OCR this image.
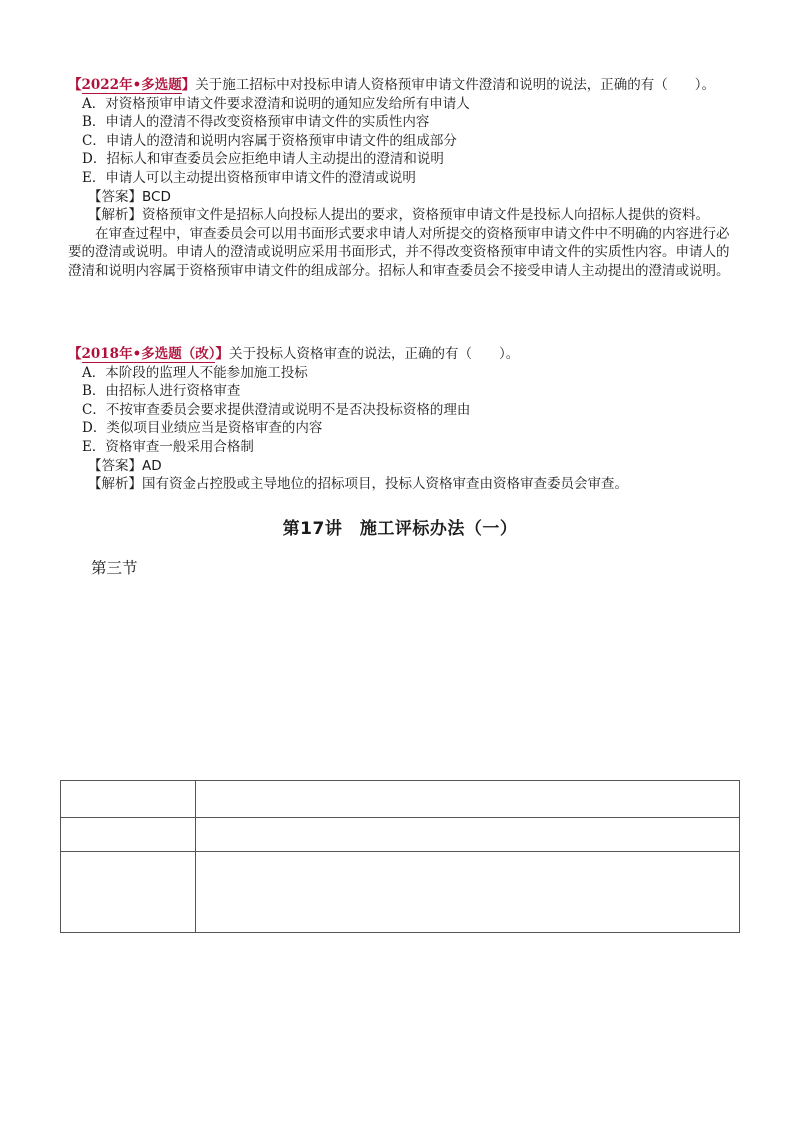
【2022年•多选题】关于施工招标中对投标申请人资格预审申请文件澄清和说明的说法，正确的有（　　）。
A．对资格预审申请文件要求澄清和说明的通知应发给所有申请人
B．申请人的澄清不得改变资格预审申请文件的实质性内容
C．申请人的澄清和说明内容属于资格预审申请文件的组成部分
D．招标人和审查委员会应拒绝申请人主动提出的澄清和说明
E．申请人可以主动提出资格预审申请文件的澄清或说明
【答案】BCD
【解析】资格预审文件是招标人向投标人提出的要求，资格预审申请文件是投标人向招标人提供的资料。
在审查过程中，审查委员会可以用书面形式要求申请人对所提交的资格预审申请文件中不明确的内容进行必要的澄清或说明。申请人的澄清或说明应采用书面形式，并不得改变资格预审申请文件的实质性内容。申请人的澄清和说明内容属于资格预审申请文件的组成部分。招标人和审查委员会不接受申请人主动提出的澄清或说明。
【2018年•多选题（改）】关于投标人资格审查的说法，正确的有（　　）。
A．本阶段的监理人不能参加施工投标
B．由招标人进行资格审查
C．不按审查委员会要求提供澄清或说明不是否决投标资格的理由
D．类似项目业绩应当是资格审查的内容
E．资格审查一般采用合格制
【答案】AD
【解析】国有资金占控股或主导地位的招标项目，投标人资格审查由资格审查委员会审查。
第17讲　施工评标办法（一）
第三节
